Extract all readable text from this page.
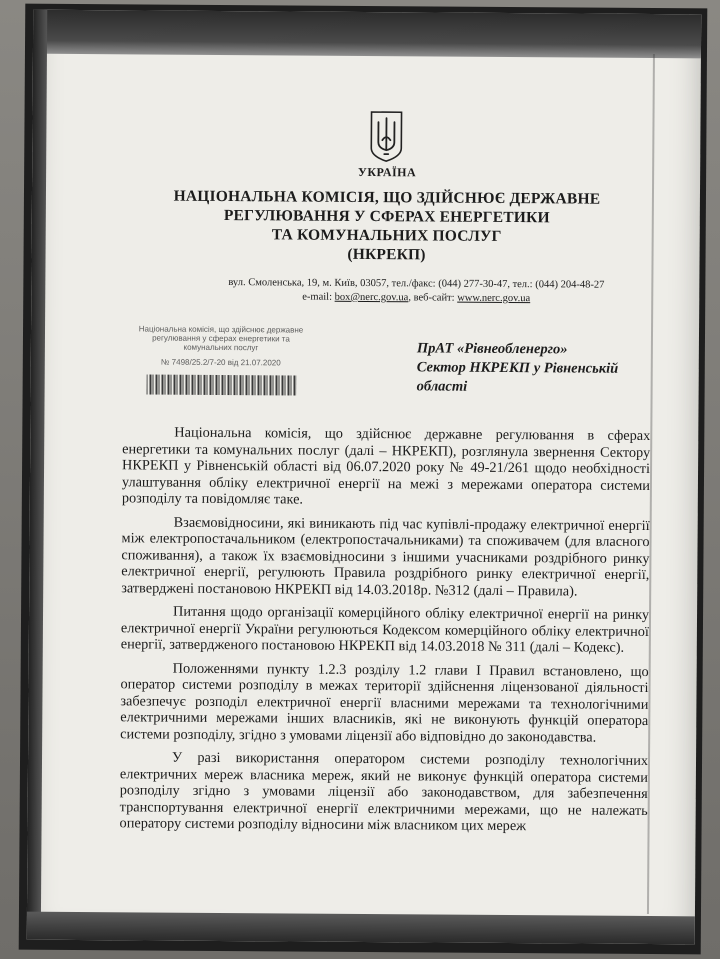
УКРАЇНА
НАЦІОНАЛЬНА КОМІСІЯ, ЩО ЗДІЙСНЮЄ ДЕРЖАВНЕ
РЕГУЛЮВАННЯ У СФЕРАХ ЕНЕРГЕТИКИ
ТА КОМУНАЛЬНИХ ПОСЛУГ
(НКРЕКП)
вул. Смоленська, 19, м. Київ, 03057, тел./факс: (044) 277-30-47, тел.: (044) 204-48-27
e-mail: box@nerc.gov.ua, веб-сайт: www.nerc.gov.ua
Національна комісія, що здійснює державне
регулювання у сферах енергетики та
комунальних послуг
№ 7498/25.2/7-20 від 21.07.2020
ПрАТ «Рівнеобленерго»
Сектор НКРЕКП у Рівненській
області

Національна комісія, що здійснює державне регулювання в сферах енергетики та комунальних послуг (далі – НКРЕКП), розглянула звернення Сектору НКРЕКП у Рівненській області від 06.07.2020 року № 49-21/261 щодо необхідності улаштування обліку електричної енергії на межі з мережами оператора системи розподілу та повідомляє таке.

Взаємовідносини, які виникають під час купівлі-продажу електричної енергії між електропостачальником (електропостачальниками) та споживачем (для власного споживання), а також їх взаємовідносини з іншими учасниками роздрібного ринку електричної енергії, регулюють Правила роздрібного ринку електричної енергії, затверджені постановою НКРЕКП від 14.03.2018р. №312 (далі – Правила).

Питання щодо організації комерційного обліку електричної енергії на ринку електричної енергії України регулюються Кодексом комерційного обліку електричної енергії, затвердженого постановою НКРЕКП від 14.03.2018 № 311 (далі – Кодекс).

Положеннями пункту 1.2.3 розділу 1.2 глави I Правил встановлено, що оператор системи розподілу в межах території здійснення ліцензованої діяльності забезпечує розподіл електричної енергії власними мережами та технологічними електричними мережами інших власників, які не виконують функцій оператора системи розподілу, згідно з умовами ліцензії або відповідно до законодавства.

У разі використання оператором системи розподілу технологічних електричних мереж власника мереж, який не виконує функцій оператора системи розподілу згідно з умовами ліцензії або законодавством, для забезпечення транспортування електричної енергії електричними мережами, що не належать оператору системи розподілу відносини між власником цих мереж
